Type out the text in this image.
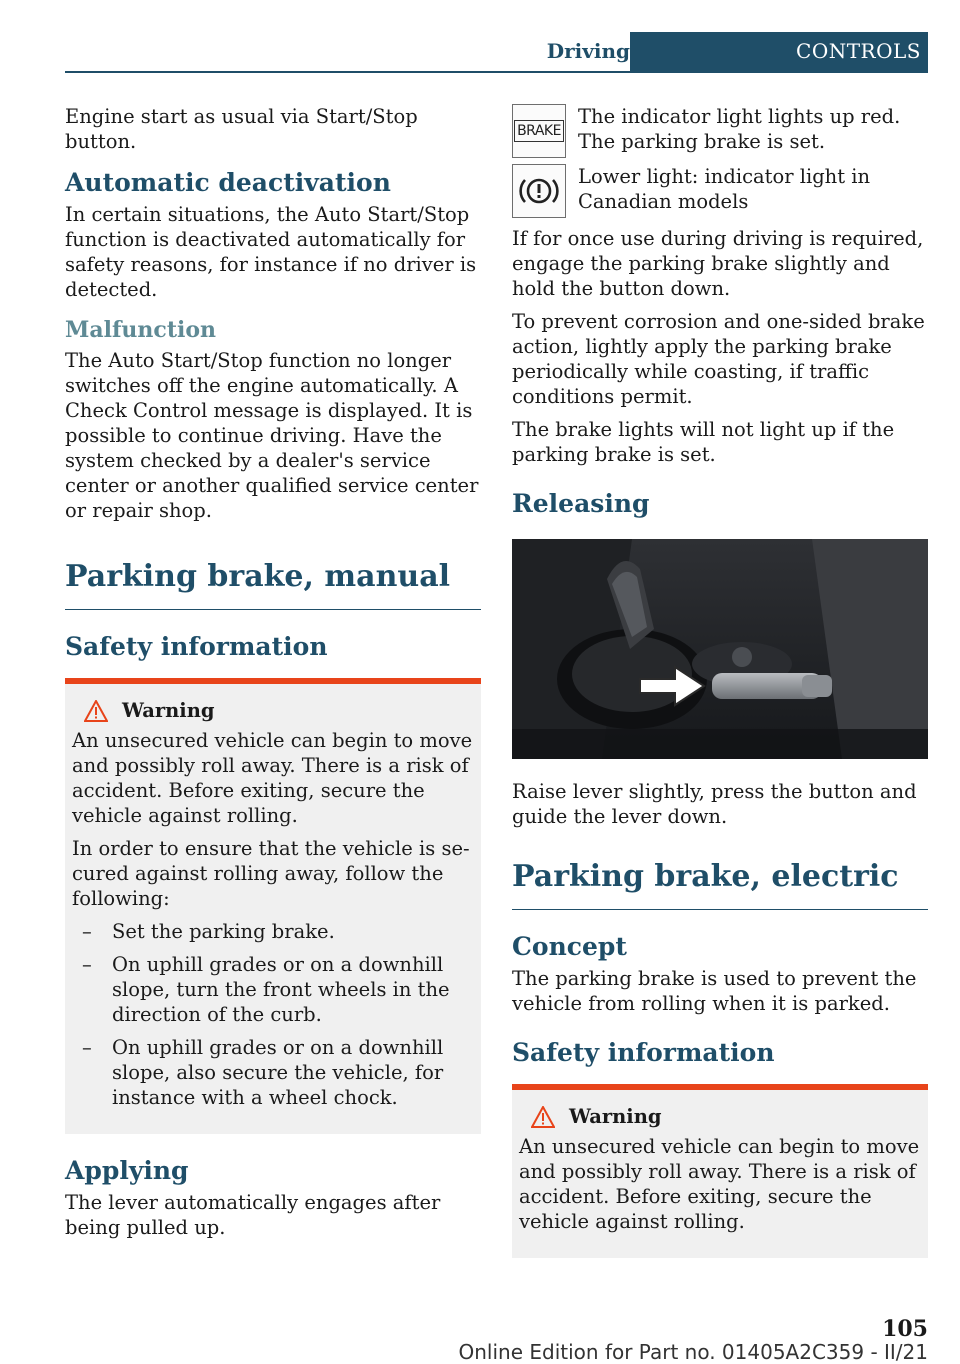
Driving	CONTROLS

Engine start as usual via Start/Stop button.

Automatic deactivation

In certain situations, the Auto Start/Stop function is deactivated automatically for safety reasons, for instance if no driver is detected.

Malfunction

The Auto Start/Stop function no longer switches off the engine automatically. A Check Control message is displayed. It is possible to continue driving. Have the system checked by a dealer's service center or another qualified service center or repair shop.

Parking brake, manual
Safety information
Warning

An unsecured vehicle can begin to move and possibly roll away. There is a risk of accident. Before exiting, secure the vehicle against rolling.

In order to ensure that the vehicle is secured against rolling away, follow the following:

– Set the parking brake.
– On uphill grades or on a downhill slope, turn the front wheels in the direction of the curb.
– On uphill grades or on a downhill slope, also secure the vehicle, for instance with a wheel chock.
Applying

The lever automatically engages after being pulled up.

BRAKE

The indicator light lights up red. The parking brake is set.

Lower light: indicator light in Canadian models

If for once use during driving is required, engage the parking brake slightly and hold the button down.

To prevent corrosion and one-sided brake action, lightly apply the parking brake periodically while coasting, if traffic conditions permit.

The brake lights will not light up if the parking brake is set.

Releasing

Raise lever slightly, press the button and guide the lever down.

Parking brake, electric
Concept

The parking brake is used to prevent the vehicle from rolling when it is parked.

Safety information
Warning

An unsecured vehicle can begin to move and possibly roll away. There is a risk of accident. Before exiting, secure the vehicle against rolling.

105
Online Edition for Part no. 01405A2C359 - II/21
